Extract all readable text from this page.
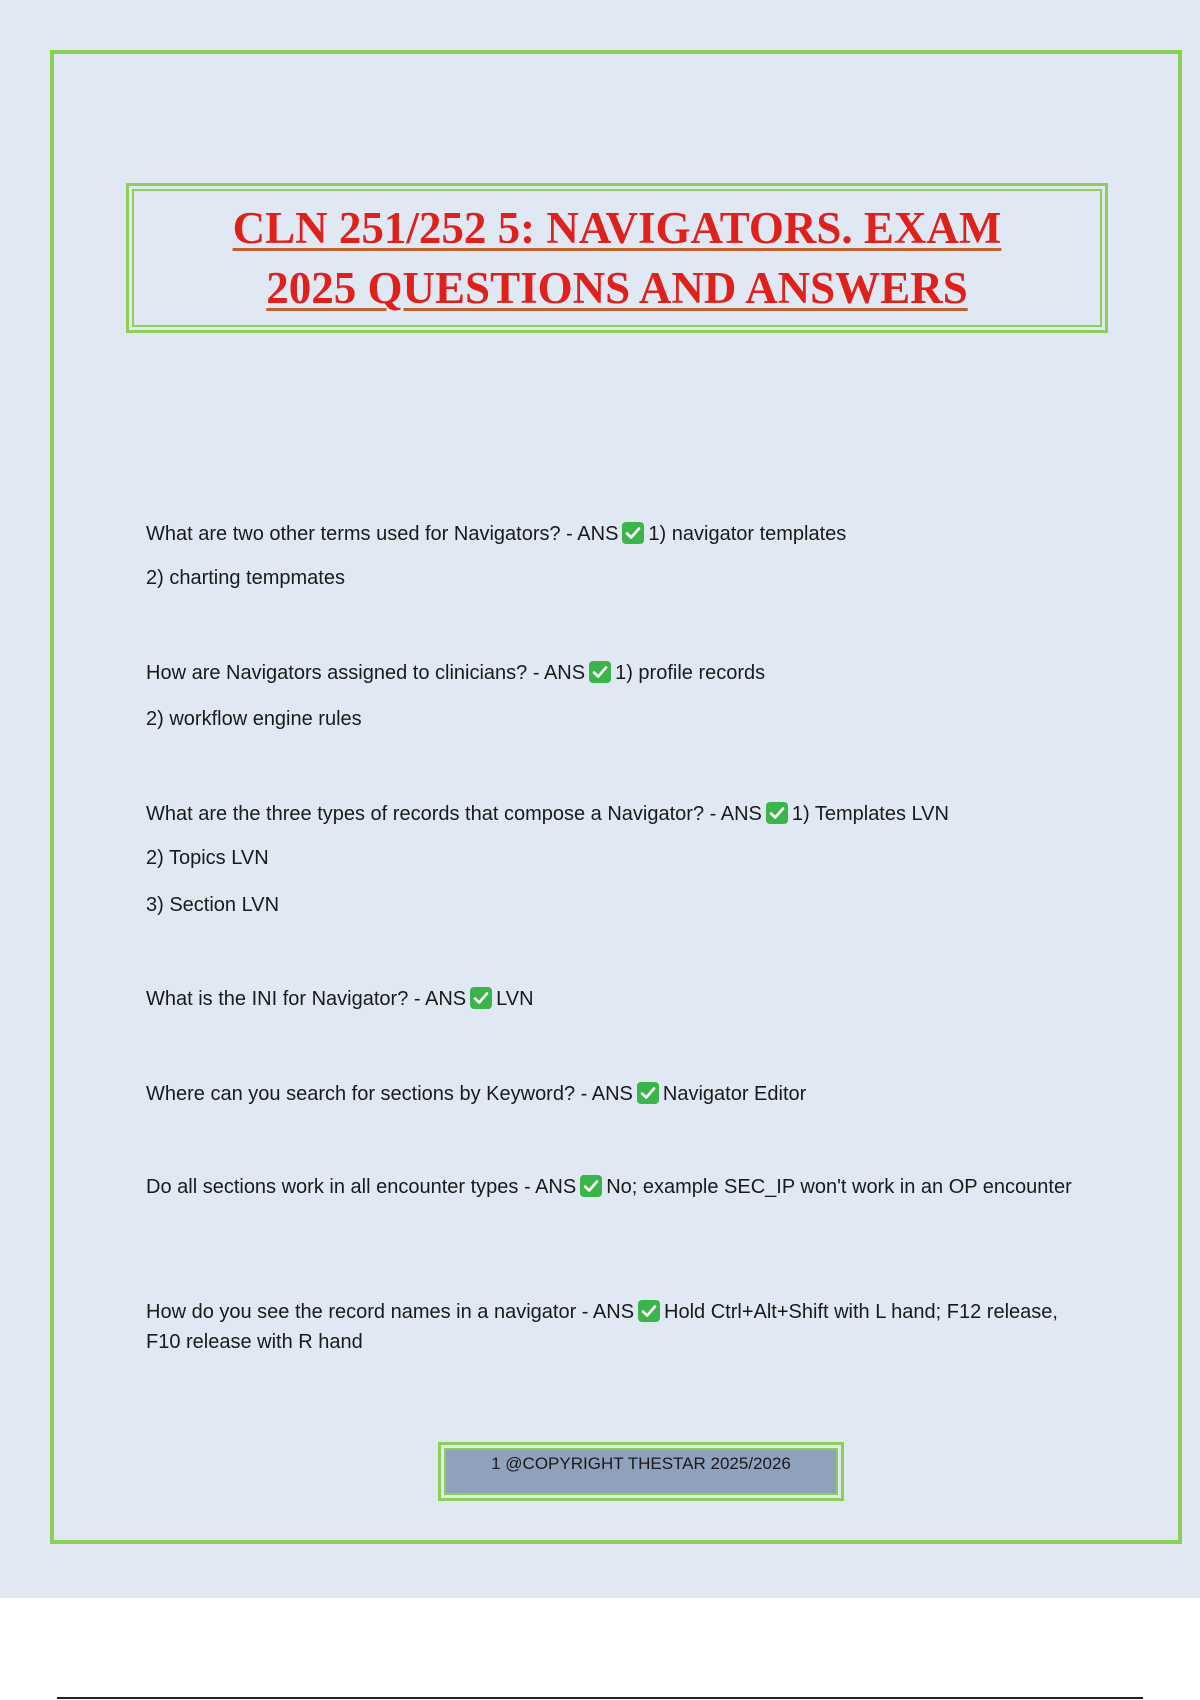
CLN 251/252 5: NAVIGATORS. EXAM
2025 QUESTIONS AND ANSWERS
What are two other terms used for Navigators? - ANS 1) navigator templates
2) charting tempmates
How are Navigators assigned to clinicians? - ANS 1) profile records
2) workflow engine rules
What are the three types of records that compose a Navigator? - ANS 1) Templates LVN
2) Topics LVN
3) Section LVN
What is the INI for Navigator? - ANS LVN
Where can you search for sections by Keyword? - ANS Navigator Editor
Do all sections work in all encounter types - ANS No; example SEC_IP won't work in an OP encounter
How do you see the record names in a navigator - ANS Hold Ctrl+Alt+Shift with L hand; F12 release, F10 release with R hand
1 @COPYRIGHT THESTAR 2025/2026
